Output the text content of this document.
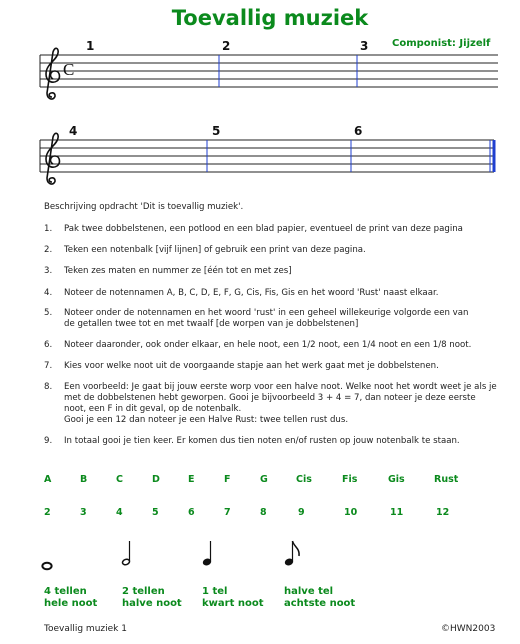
Toevallig muziek
Componist: Jijzelf
1	2	3
4	5	6
C
Beschrijving opdracht 'Dit is toevallig muziek'.
1. Pak twee dobbelstenen, een potlood en een blad papier, eventueel de print van deze pagina
2. Teken een notenbalk [vijf lijnen] of gebruik een print van deze pagina.
3. Teken zes maten en nummer ze [één tot en met zes]
4. Noteer de notennamen A, B, C, D, E, F, G, Cis, Fis, Gis en het woord 'Rust' naast elkaar.
5. Noteer onder de notennamen en het woord 'rust' in een geheel willekeurige volgorde een van de getallen twee tot en met twaalf [de worpen van je dobbelstenen]
6. Noteer daaronder, ook onder elkaar, en hele noot, een 1/2 noot, een 1/4 noot en een 1/8 noot.
7. Kies voor welke noot uit de voorgaande stapje aan het werk gaat met je dobbelstenen.
8. Een voorbeeld: Je gaat bij jouw eerste worp voor een halve noot. Welke noot het wordt weet je als je met de dobbelstenen hebt geworpen. Gooi je bijvoorbeeld 3 + 4 = 7, dan noteer je deze eerste noot, een F in dit geval, op de notenbalk.
Gooi je een 12 dan noteer je een Halve Rust: twee tellen rust dus.
9. In totaal gooi je tien keer. Er komen dus tien noten en/of rusten op jouw notenbalk te staan.
A	B	C	D	E	F	G	Cis	Fis	Gis	Rust
2	3	4	5	6	7	8	9	10	11	12
4 tellen
hele noot
2 tellen
halve noot
1 tel
kwart noot
halve tel
achtste noot
Toevallig muziek 1	©HWN2003
